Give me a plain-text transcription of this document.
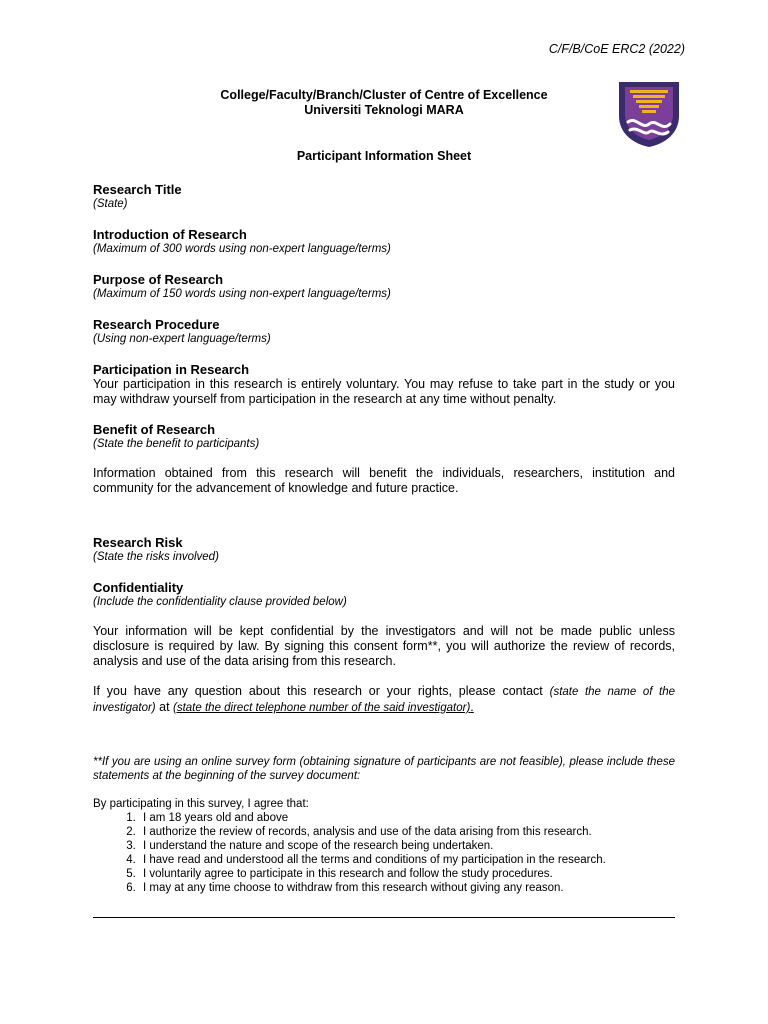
C/F/B/CoE ERC2 (2022)
College/Faculty/Branch/Cluster of Centre of Excellence
Universiti Teknologi MARA
Participant Information Sheet
Research Title
(State)
Introduction of Research
(Maximum of 300 words using non-expert language/terms)
Purpose of Research
(Maximum of 150 words using non-expert language/terms)
Research Procedure
(Using non-expert language/terms)
Participation in Research
Your participation in this research is entirely voluntary. You may refuse to take part in the study or you may withdraw yourself from participation in the research at any time without penalty.
Benefit of Research
(State the benefit to participants)
Information obtained from this research will benefit the individuals, researchers, institution and community for the advancement of knowledge and future practice.
Research Risk
(State the risks involved)
Confidentiality
(Include the confidentiality clause provided below)
Your information will be kept confidential by the investigators and will not be made public unless disclosure is required by law. By signing this consent form**, you will authorize the review of records, analysis and use of the data arising from this research.
If you have any question about this research or your rights, please contact (state the name of the investigator) at (state the direct telephone number of the said investigator).
**If you are using an online survey form (obtaining signature of participants are not feasible), please include these statements at the beginning of the survey document:
By participating in this survey, I agree that:
1. I am 18 years old and above
2. I authorize the review of records, analysis and use of the data arising from this research.
3. I understand the nature and scope of the research being undertaken.
4. I have read and understood all the terms and conditions of my participation in the research.
5. I voluntarily agree to participate in this research and follow the study procedures.
6. I may at any time choose to withdraw from this research without giving any reason.
